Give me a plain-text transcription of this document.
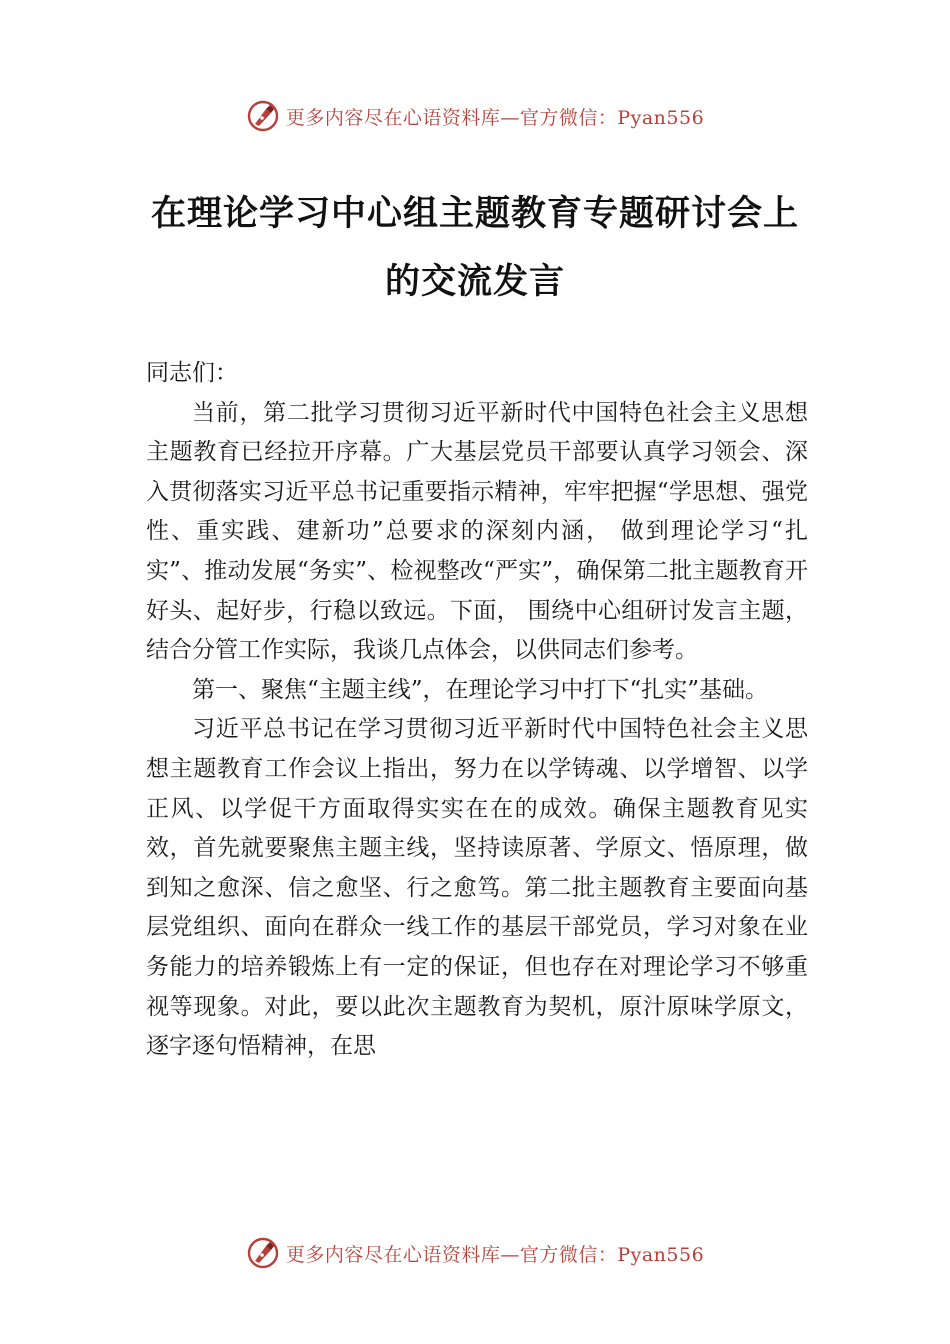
更多内容尽在心语资料库—官方微信：Pyan556
在理论学习中心组主题教育专题研讨会上
的交流发言

同志们：

当前，第二批学习贯彻习近平新时代中国特色社会主义思想主题教育已经拉开序幕。广大基层党员干部要认真学习领会、深入贯彻落实习近平总书记重要指示精神，牢牢把握“学思想、强党性、重实践、建新功”总要求的深刻内涵， 做到理论学习“扎实”、推动发展“务实”、检视整改“严实”，确保第二批主题教育开好头、起好步，行稳以致远。下面， 围绕中心组研讨发言主题，结合分管工作实际，我谈几点体会，以供同志们参考。

第一、聚焦“主题主线”，在理论学习中打下“扎实”基础。

习近平总书记在学习贯彻习近平新时代中国特色社会主义思想主题教育工作会议上指出，努力在以学铸魂、以学增智、以学正风、以学促干方面取得实实在在的成效。确保主题教育见实效，首先就要聚焦主题主线，坚持读原著、学原文、悟原理，做到知之愈深、信之愈坚、行之愈笃。第二批主题教育主要面向基层党组织、面向在群众一线工作的基层干部党员，学习对象在业务能力的培养锻炼上有一定的保证，但也存在对理论学习不够重视等现象。对此，要以此次主题教育为契机，原汁原味学原文，逐字逐句悟精神，在思

更多内容尽在心语资料库—官方微信：Pyan556
